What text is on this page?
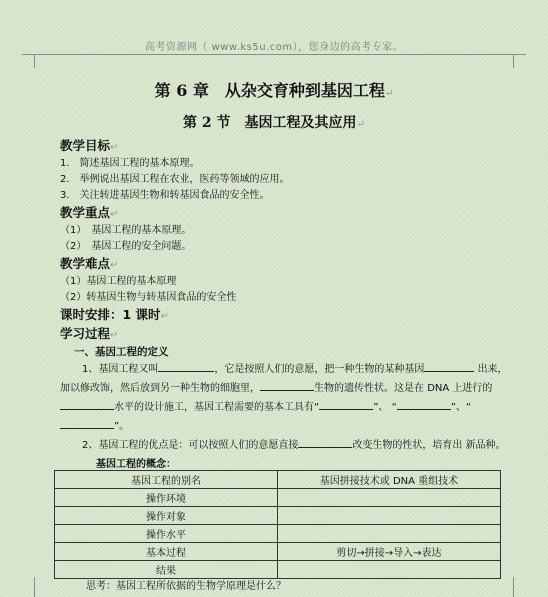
高考资源网（ www.ks5u.com），您身边的高考专家。
第 6 章　从杂交育种到基因工程↵
第 2 节　基因工程及其应用↵
教学目标↵
1.　简述基因工程的基本原理。
2.　举例说出基因工程在农业，医药等领域的应用。
3.　关注转进基因生物和转基因食品的安全性。
教学重点↵
（1）　基因工程的基本原理。
（2）　基因工程的安全问题。
教学难点↵
（1）基因工程的基本原理
（2）转基因生物与转基因食品的安全性
课时安排：1 课时↵
学习过程↵
一、基因工程的定义
1、基因工程又叫	，它是按照人们的意愿，把一种生物的某种基因	出来，加以修改饰，然后放到另一种生物的细胞里，	生物的遗传性状。这是在 DNA 上进行的水平的设计施工，基因工程需要的基本工具有“	”、 “	”、“”。
2、基因工程的优点是：可以按照人们的意愿直接	改变生物的性状，培育出 新品种。
基因工程的概念：
基因工程的别名	基因拼接技术或 DNA 重组技术
操作环境	
操作对象	
操作水平	
基本过程	剪切→拼接→导入→表达
结果	
思考：基因工程所依据的生物学原理是什么？
